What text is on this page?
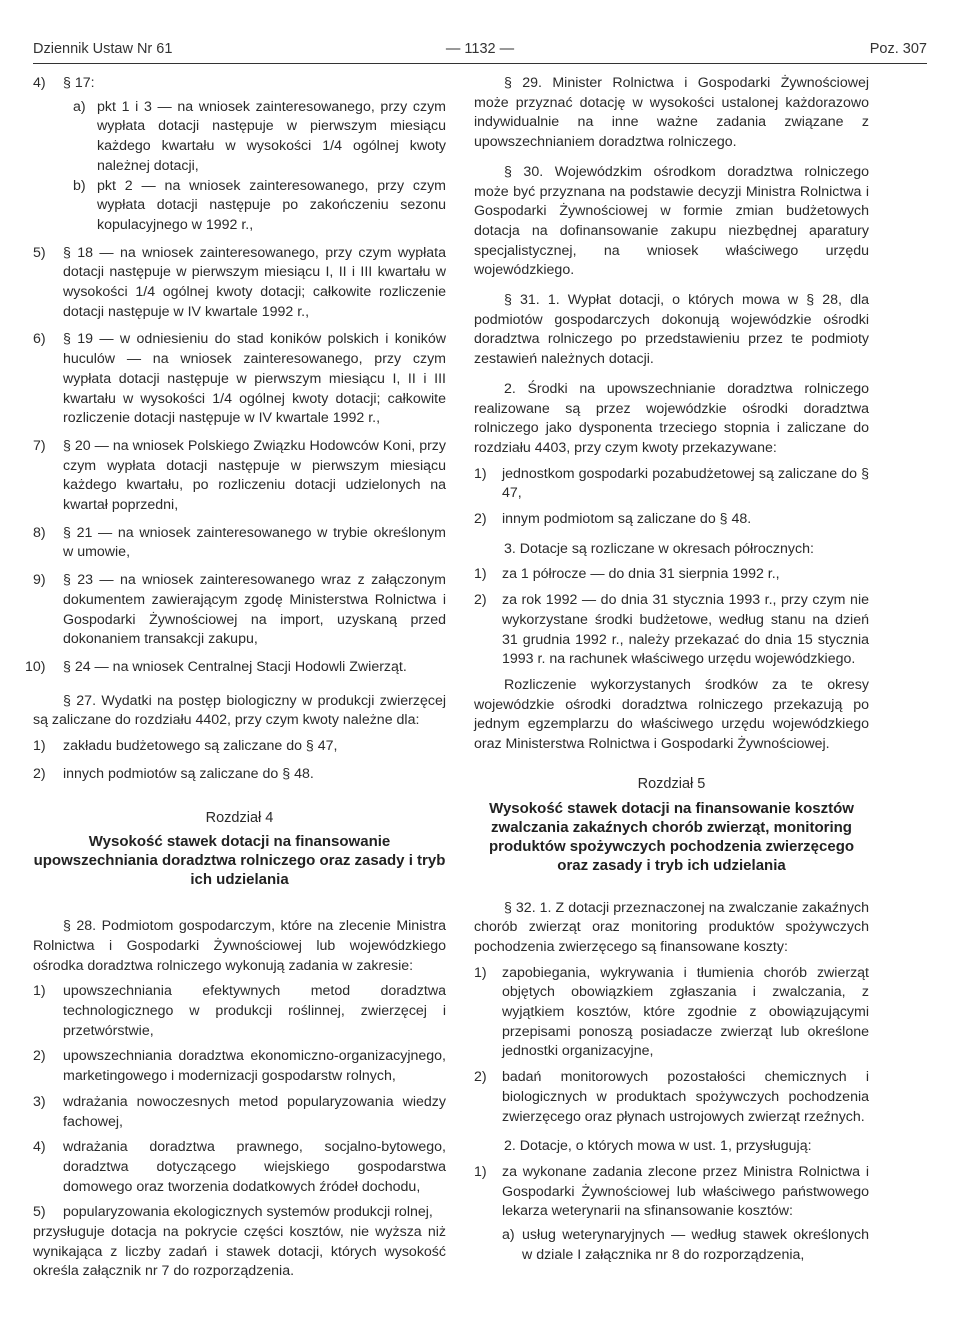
Dziennik Ustaw Nr 61	— 1132 —	Poz. 307
4) § 17:
a) pkt 1 i 3 — na wniosek zainteresowanego, przy czym wypłata dotacji następuje w pierwszym miesiącu każdego kwartału w wysokości 1/4 ogólnej kwoty należnej dotacji,
b) pkt 2 — na wniosek zainteresowanego, przy czym wypłata dotacji następuje po zakończeniu sezonu kopulacyjnego w 1992 r.,
5) § 18 — na wniosek zainteresowanego, przy czym wypłata dotacji następuje w pierwszym miesiącu I, II i III kwartału w wysokości 1/4 ogólnej kwoty dotacji; całkowite rozliczenie dotacji następuje w IV kwartale 1992 r.,
6) § 19 — w odniesieniu do stad koników polskich i koników huculów — na wniosek zainteresowanego, przy czym wypłata dotacji następuje w pierwszym miesiącu I, II i III kwartału w wysokości 1/4 ogólnej kwoty dotacji; całkowite rozliczenie dotacji następuje w IV kwartale 1992 r.,
7) § 20 — na wniosek Polskiego Związku Hodowców Koni, przy czym wypłata dotacji następuje w pierwszym miesiącu każdego kwartału, po rozliczeniu dotacji udzielonych na kwartał poprzedni,
8) § 21 — na wniosek zainteresowanego w trybie określonym w umowie,
9) § 23 — na wniosek zainteresowanego wraz z załączonym dokumentem zawierającym zgodę Ministerstwa Rolnictwa i Gospodarki Żywnościowej na import, uzyskaną przed dokonaniem transakcji zakupu,
10) § 24 — na wniosek Centralnej Stacji Hodowli Zwierząt.

§ 27. Wydatki na postęp biologiczny w produkcji zwierzęcej są zaliczane do rozdziału 4402, przy czym kwoty należne dla:

1) zakładu budżetowego są zaliczane do § 47,
2) innych podmiotów są zaliczane do § 48.

Rozdział 4

Wysokość stawek dotacji na finansowanie upowszechniania doradztwa rolniczego oraz zasady i tryb ich udzielania

§ 28. Podmiotom gospodarczym, które na zlecenie Ministra Rolnictwa i Gospodarki Żywnościowej lub wojewódzkiego ośrodka doradztwa rolniczego wykonują zadania w zakresie:

1) upowszechniania efektywnych metod doradztwa technologicznego w produkcji roślinnej, zwierzęcej i przetwórstwie,
2) upowszechniania doradztwa ekonomiczno-organizacyjnego, marketingowego i modernizacji gospodarstw rolnych,
3) wdrażania nowoczesnych metod popularyzowania wiedzy fachowej,
4) wdrażania doradztwa prawnego, socjalno-bytowego, doradztwa dotyczącego wiejskiego gospodarstwa domowego oraz tworzenia dodatkowych źródeł dochodu,
5) popularyzowania ekologicznych systemów produkcji rolnej,

przysługuje dotacja na pokrycie części kosztów, nie wyższa niż wynikająca z liczby zadań i stawek dotacji, których wysokość określa załącznik nr 7 do rozporządzenia.

§ 29. Minister Rolnictwa i Gospodarki Żywnościowej może przyznać dotację w wysokości ustalonej każdorazowo indywidualnie na inne ważne zadania związane z upowszechnianiem doradztwa rolniczego.

§ 30. Wojewódzkim ośrodkom doradztwa rolniczego może być przyznana na podstawie decyzji Ministra Rolnictwa i Gospodarki Żywnościowej w formie zmian budżetowych dotacja na dofinansowanie zakupu niezbędnej aparatury specjalistycznej, na wniosek właściwego urzędu wojewódzkiego.

§ 31. 1. Wypłat dotacji, o których mowa w § 28, dla podmiotów gospodarczych dokonują wojewódzkie ośrodki doradztwa rolniczego po przedstawieniu przez te podmioty zestawień należnych dotacji.

2. Środki na upowszechnianie doradztwa rolniczego realizowane są przez wojewódzkie ośrodki doradztwa rolniczego jako dysponenta trzeciego stopnia i zaliczane do rozdziału 4403, przy czym kwoty przekazywane:

1) jednostkom gospodarki pozabudżetowej są zaliczane do § 47,
2) innym podmiotom są zaliczane do § 48.

3. Dotacje są rozliczane w okresach półrocznych:

1) za 1 półrocze — do dnia 31 sierpnia 1992 r.,
2) za rok 1992 — do dnia 31 stycznia 1993 r., przy czym nie wykorzystane środki budżetowe, według stanu na dzień 31 grudnia 1992 r., należy przekazać do dnia 15 stycznia 1993 r. na rachunek właściwego urzędu wojewódzkiego.

Rozliczenie wykorzystanych środków za te okresy wojewódzkie ośrodki doradztwa rolniczego przekazują po jednym egzemplarzu do właściwego urzędu wojewódzkiego oraz Ministerstwa Rolnictwa i Gospodarki Żywnościowej.

Rozdział 5

Wysokość stawek dotacji na finansowanie kosztów zwalczania zakaźnych chorób zwierząt, monitoring produktów spożywczych pochodzenia zwierzęcego oraz zasady i tryb ich udzielania

§ 32. 1. Z dotacji przeznaczonej na zwalczanie zakaźnych chorób zwierząt oraz monitoring produktów spożywczych pochodzenia zwierzęcego są finansowane koszty:

1) zapobiegania, wykrywania i tłumienia chorób zwierząt objętych obowiązkiem zgłaszania i zwalczania, z wyjątkiem kosztów, które zgodnie z obowiązującymi przepisami ponoszą posiadacze zwierząt lub określone jednostki organizacyjne,
2) badań monitorowych pozostałości chemicznych i biologicznych w produktach spożywczych pochodzenia zwierzęcego oraz płynach ustrojowych zwierząt rzeźnych.

2. Dotacje, o których mowa w ust. 1, przysługują:

1) za wykonane zadania zlecone przez Ministra Rolnictwa i Gospodarki Żywnościowej lub właściwego państwowego lekarza weterynarii na sfinansowanie kosztów:
a) usług weterynaryjnych — według stawek określonych w dziale I załącznika nr 8 do rozporządzenia,
